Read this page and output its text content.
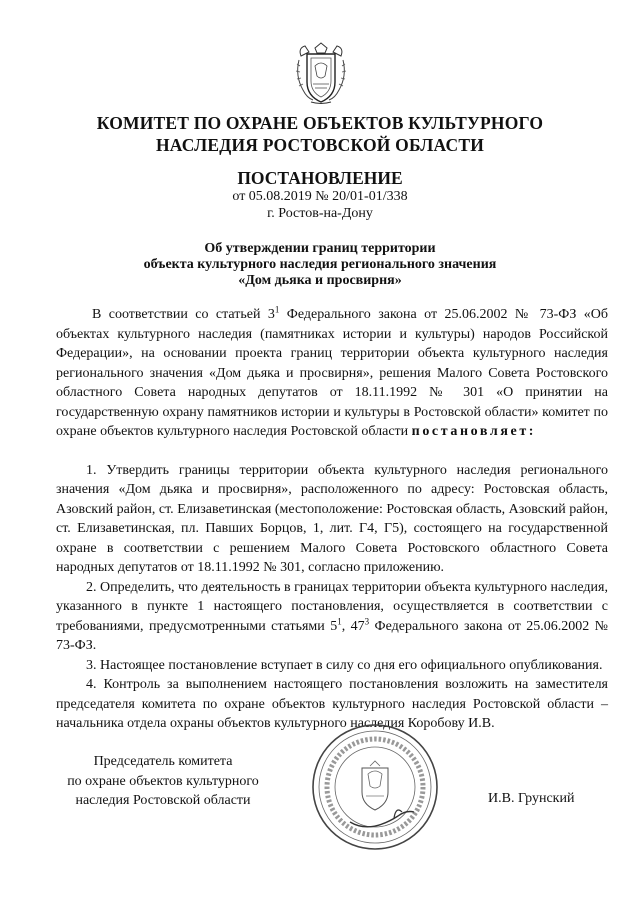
КОМИТЕТ ПО ОХРАНЕ ОБЪЕКТОВ КУЛЬТУРНОГО
НАСЛЕДИЯ РОСТОВСКОЙ ОБЛАСТИ
ПОСТАНОВЛЕНИЕ
от 05.08.2019 № 20/01-01/338
г. Ростов-на-Дону
Об утверждении границ территории
объекта культурного наследия регионального значения
«Дом дьяка и просвирня»

В соответствии со статьей $3^1$ Федерального закона от 25.06.2002 № 73-ФЗ «Об объектах культурного наследия (памятниках истории и культуры) народов Российской Федерации», на основании проекта границ территории объекта культурного наследия регионального значения «Дом дьяка и просвирня», решения Малого Совета Ростовского областного Совета народных депутатов от 18.11.1992 № 301 «О принятии на государственную охрану памятников истории и культуры в Ростовской области» комитет по охране объектов культурного наследия Ростовской области постановляет:

1. Утвердить границы территории объекта культурного наследия регионального значения «Дом дьяка и просвирня», расположенного по адресу: Ростовская область, Азовский район, ст. Елизаветинская (местоположение: Ростовская область, Азовский район, ст. Елизаветинская, пл. Павших Борцов, 1, лит. Г4, Г5), состоящего на государственной охране в соответствии с решением Малого Совета Ростовского областного Совета народных депутатов от 18.11.1992 № 301, согласно приложению.

2. Определить, что деятельность в границах территории объекта культурного наследия, указанного в пункте 1 настоящего постановления, осуществляется в соответствии с требованиями, предусмотренными статьями $5^1$, $47^3$ Федерального закона от 25.06.2002 № 73-ФЗ.

3. Настоящее постановление вступает в силу со дня его официального опубликования.

4. Контроль за выполнением настоящего постановления возложить на заместителя председателя комитета по охране объектов культурного наследия Ростовской области – начальника отдела охраны объектов культурного наследия Коробову И.В.

Председатель комитета
по охране объектов культурного
наследия Ростовской области	И.В. Грунский
